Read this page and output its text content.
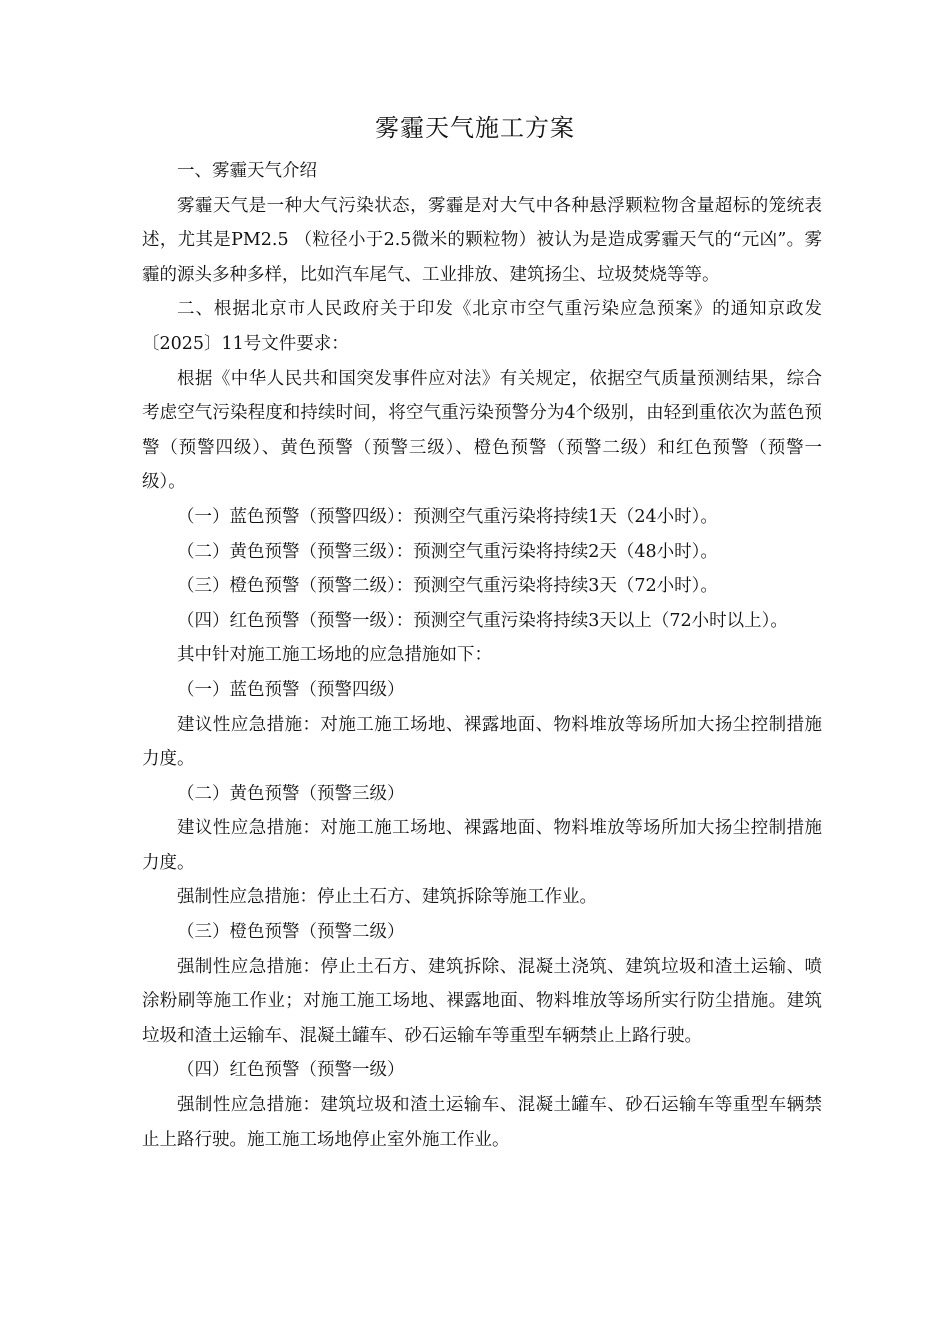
雾霾天气施工方案

一、雾霾天气介绍

雾霾天气是一种大气污染状态，雾霾是对大气中各种悬浮颗粒物含量超标的笼统表述，尤其是PM2.5 （粒径小于2.5微米的颗粒物）被认为是造成雾霾天气的“元凶”。雾霾的源头多种多样，比如汽车尾气、工业排放、建筑扬尘、垃圾焚烧等等。

二、根据北京市人民政府关于印发《北京市空气重污染应急预案》的通知京政发〔2025〕11号文件要求：

根据《中华人民共和国突发事件应对法》有关规定，依据空气质量预测结果，综合考虑空气污染程度和持续时间，将空气重污染预警分为4个级别，由轻到重依次为蓝色预警（预警四级）、黄色预警（预警三级）、橙色预警（预警二级）和红色预警（预警一级）。

（一）蓝色预警（预警四级）：预测空气重污染将持续1天（24小时）。

（二）黄色预警（预警三级）：预测空气重污染将持续2天（48小时）。

（三）橙色预警（预警二级）：预测空气重污染将持续3天（72小时）。

（四）红色预警（预警一级）：预测空气重污染将持续3天以上（72小时以上）。

其中针对施工施工场地的应急措施如下：

（一）蓝色预警（预警四级）

建议性应急措施：对施工施工场地、裸露地面、物料堆放等场所加大扬尘控制措施力度。

（二）黄色预警（预警三级）

建议性应急措施：对施工施工场地、裸露地面、物料堆放等场所加大扬尘控制措施力度。

强制性应急措施：停止土石方、建筑拆除等施工作业。

（三）橙色预警（预警二级）

强制性应急措施：停止土石方、建筑拆除、混凝土浇筑、建筑垃圾和渣土运输、喷涂粉刷等施工作业；对施工施工场地、裸露地面、物料堆放等场所实行防尘措施。建筑垃圾和渣土运输车、混凝土罐车、砂石运输车等重型车辆禁止上路行驶。

（四）红色预警（预警一级）

强制性应急措施：建筑垃圾和渣土运输车、混凝土罐车、砂石运输车等重型车辆禁止上路行驶。施工施工场地停止室外施工作业。
